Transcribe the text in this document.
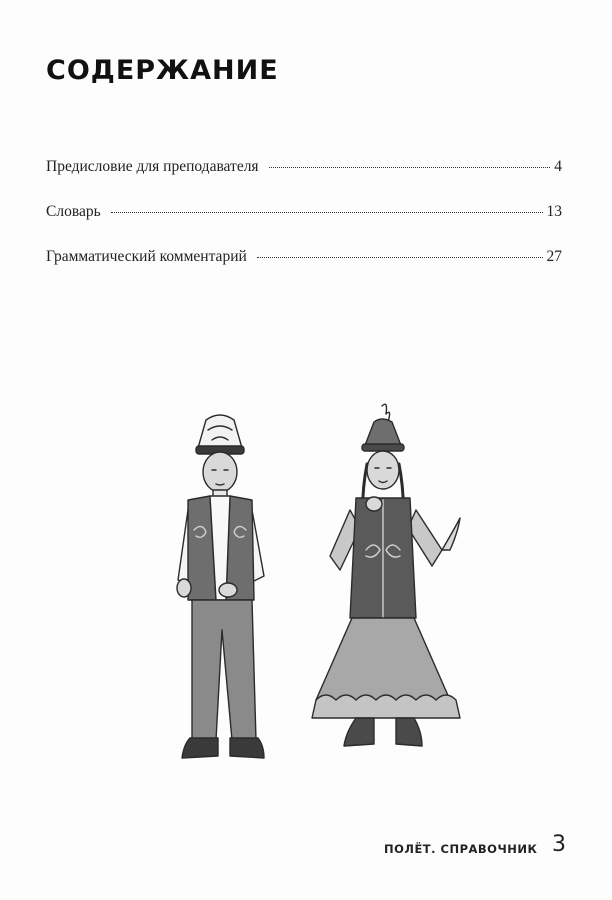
СОДЕРЖАНИЕ
Предисловие для преподавателя	4
Словарь	13
Грамматический комментарий	27
ПОЛЁТ. СПРАВОЧНИК 3
